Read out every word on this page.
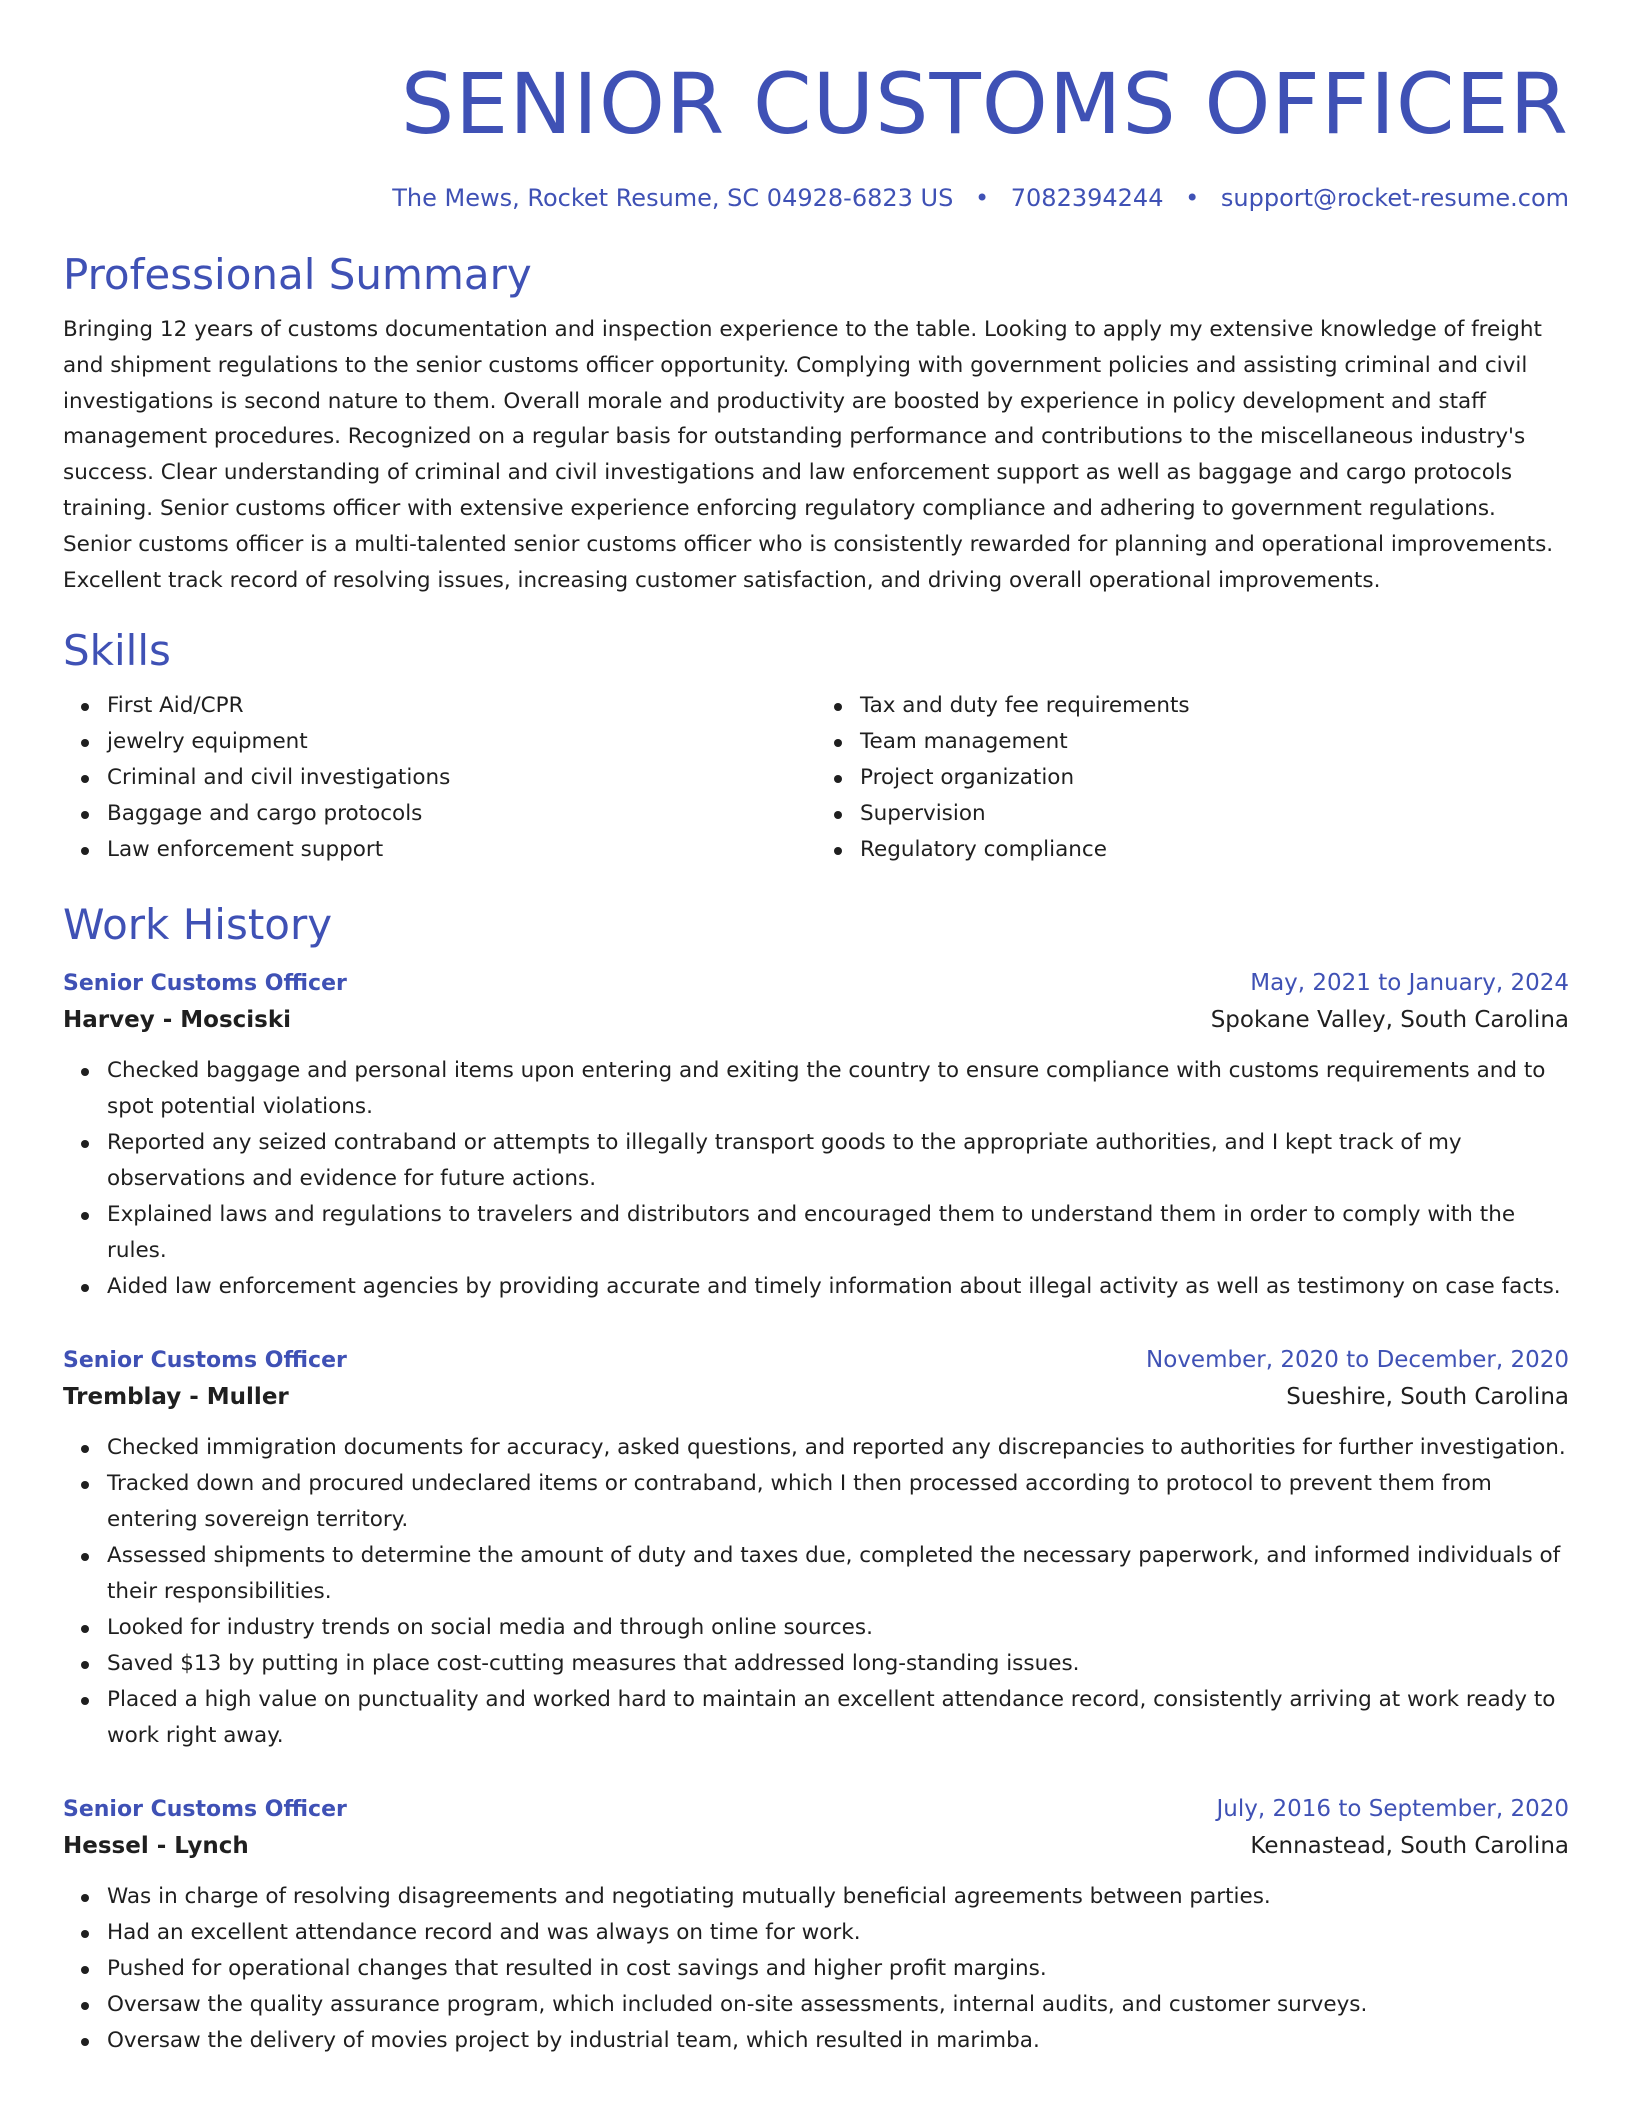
SENIOR CUSTOMS OFFICER
The Mews, Rocket Resume, SC 04928-6823 US • 7082394244 • support@rocket-resume.com
Professional Summary
Bringing 12 years of customs documentation and inspection experience to the table. Looking to apply my extensive knowledge of freight and shipment regulations to the senior customs officer opportunity. Complying with government policies and assisting criminal and civil investigations is second nature to them. Overall morale and productivity are boosted by experience in policy development and staff management procedures. Recognized on a regular basis for outstanding performance and contributions to the miscellaneous industry's success. Clear understanding of criminal and civil investigations and law enforcement support as well as baggage and cargo protocols training. Senior customs officer with extensive experience enforcing regulatory compliance and adhering to government regulations. Senior customs officer is a multi-talented senior customs officer who is consistently rewarded for planning and operational improvements. Excellent track record of resolving issues, increasing customer satisfaction, and driving overall operational improvements.
Skills
First Aid/CPR
jewelry equipment
Criminal and civil investigations
Baggage and cargo protocols
Law enforcement support
Tax and duty fee requirements
Team management
Project organization
Supervision
Regulatory compliance
Work History
Senior Customs Officer	May, 2021 to January, 2024
Harvey - Mosciski	Spokane Valley, South Carolina
Checked baggage and personal items upon entering and exiting the country to ensure compliance with customs requirements and to spot potential violations.
Reported any seized contraband or attempts to illegally transport goods to the appropriate authorities, and I kept track of my observations and evidence for future actions.
Explained laws and regulations to travelers and distributors and encouraged them to understand them in order to comply with the rules.
Aided law enforcement agencies by providing accurate and timely information about illegal activity as well as testimony on case facts.
Senior Customs Officer	November, 2020 to December, 2020
Tremblay - Muller	Sueshire, South Carolina
Checked immigration documents for accuracy, asked questions, and reported any discrepancies to authorities for further investigation.
Tracked down and procured undeclared items or contraband, which I then processed according to protocol to prevent them from entering sovereign territory.
Assessed shipments to determine the amount of duty and taxes due, completed the necessary paperwork, and informed individuals of their responsibilities.
Looked for industry trends on social media and through online sources.
Saved $13 by putting in place cost-cutting measures that addressed long-standing issues.
Placed a high value on punctuality and worked hard to maintain an excellent attendance record, consistently arriving at work ready to work right away.
Senior Customs Officer	July, 2016 to September, 2020
Hessel - Lynch	Kennastead, South Carolina
Was in charge of resolving disagreements and negotiating mutually beneficial agreements between parties.
Had an excellent attendance record and was always on time for work.
Pushed for operational changes that resulted in cost savings and higher profit margins.
Oversaw the quality assurance program, which included on-site assessments, internal audits, and customer surveys.
Oversaw the delivery of movies project by industrial team, which resulted in marimba.
